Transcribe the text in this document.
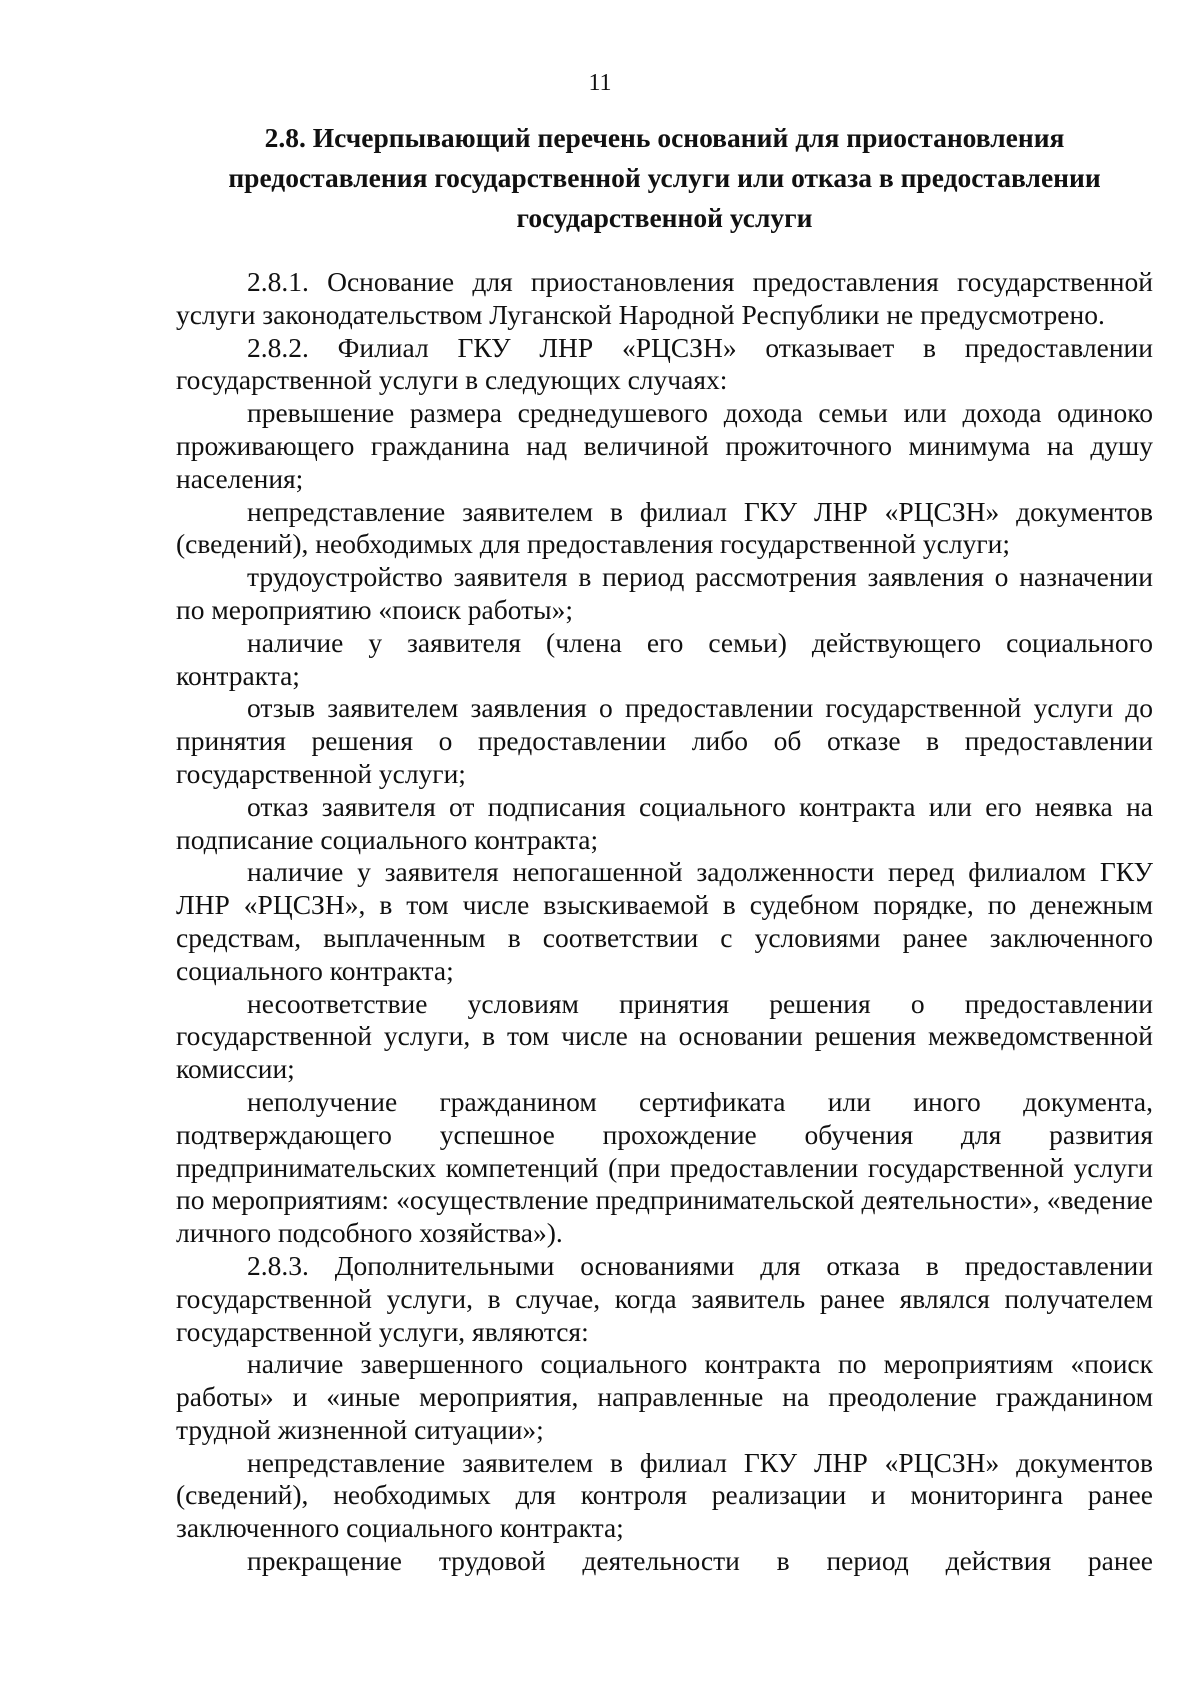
11
2.8. Исчерпывающий перечень оснований для приостановления
предоставления государственной услуги или отказа в предоставлении
государственной услуги

2.8.1. Основание для приостановления предоставления государственной услуги законодательством Луганской Народной Республики не предусмотрено.

2.8.2. Филиал ГКУ ЛНР «РЦСЗН» отказывает в предоставлении государственной услуги в следующих случаях:

превышение размера среднедушевого дохода семьи или дохода одиноко проживающего гражданина над величиной прожиточного минимума на душу населения;

непредставление заявителем в филиал ГКУ ЛНР «РЦСЗН» документов (сведений), необходимых для предоставления государственной услуги;

трудоустройство заявителя в период рассмотрения заявления о назначении по мероприятию «поиск работы»;

наличие у заявителя (члена его семьи) действующего социального контракта;

отзыв заявителем заявления о предоставлении государственной услуги до принятия решения о предоставлении либо об отказе в предоставлении государственной услуги;

отказ заявителя от подписания социального контракта или его неявка на подписание социального контракта;

наличие у заявителя непогашенной задолженности перед филиалом ГКУ ЛНР «РЦСЗН», в том числе взыскиваемой в судебном порядке, по денежным средствам, выплаченным в соответствии с условиями ранее заключенного социального контракта;

несоответствие условиям принятия решения о предоставлении государственной услуги, в том числе на основании решения межведомственной комиссии;

неполучение гражданином сертификата или иного документа, подтверждающего успешное прохождение обучения для развития предпринимательских компетенций (при предоставлении государственной услуги по мероприятиям: «осуществление предпринимательской деятельности», «ведение личного подсобного хозяйства»).

2.8.3. Дополнительными основаниями для отказа в предоставлении государственной услуги, в случае, когда заявитель ранее являлся получателем государственной услуги, являются:

наличие завершенного социального контракта по мероприятиям «поиск работы» и «иные мероприятия, направленные на преодоление гражданином трудной жизненной ситуации»;

непредставление заявителем в филиал ГКУ ЛНР «РЦСЗН» документов (сведений), необходимых для контроля реализации и мониторинга ранее заключенного социального контракта;

прекращение трудовой деятельности в период действия ранее
